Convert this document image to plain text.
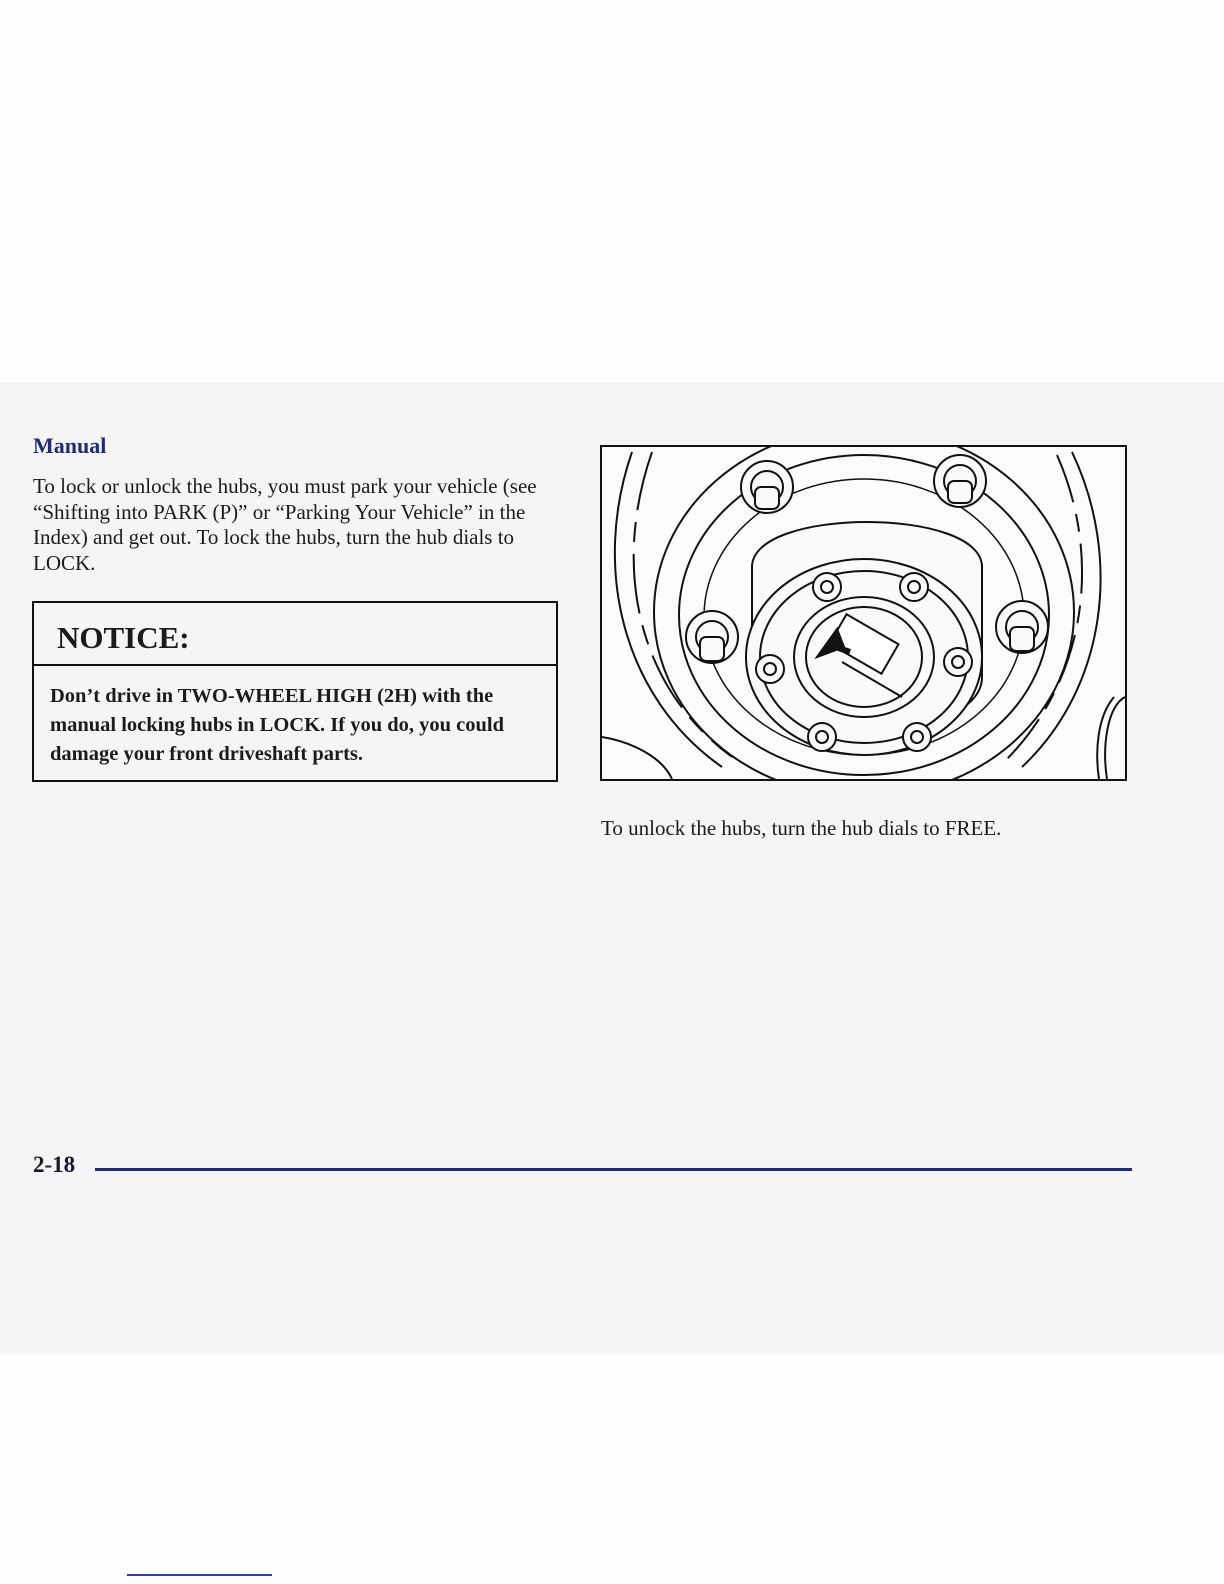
Manual

To lock or unlock the hubs, you must park your vehicle (see “Shifting into PARK (P)” or “Parking Your Vehicle” in the Index) and get out. To lock the hubs, turn the hub dials to LOCK.

NOTICE:
Don’t drive in TWO-WHEEL HIGH (2H) with the manual locking hubs in LOCK. If you do, you could damage your front driveshaft parts.

To unlock the hubs, turn the hub dials to FREE.

2-18
